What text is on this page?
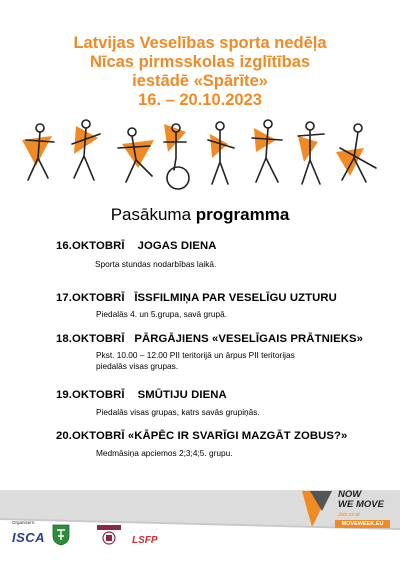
Latvijas Veselības sporta nedēļa
Nīcas pirmsskolas izglītības
iestādē «Spārīte»
16. – 20.10.2023
Pasākuma programma
16.OKTOBRĪ JOGAS DIENA
Sporta stundas nodarbības laikā.
17.OKTOBRĪ ĪSSFILMIŅA PAR VESELĪGU UZTURU
Piedalās 4. un 5.grupa, savā grupā.
18.OKTOBRĪ PĀRGĀJIENS «VESELĪGAIS PRĀTNIEKS»
Pkst. 10.00 – 12.00 PII teritorijā un ārpus PII teritorijas
piedalās visas grupas.
19.OKTOBRĪ SMŪTIJU DIENA
Piedalās visas grupas, katrs savās grupiņās.
20.OKTOBRĪ «KĀPĒC IR SVARĪGI MAZGĀT ZOBUS?»
Medmāsiņa apciemos 2;3;4;5. grupu.
NOW
WE MOVE
Join us at
MOVEWEEK.EU
Organisers:
ISCA	LSFP
